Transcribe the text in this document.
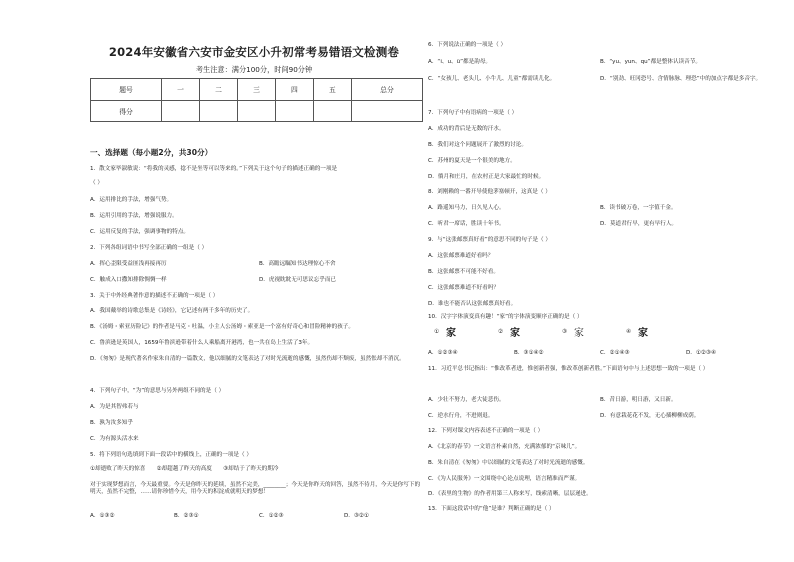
2024年安徽省六安市金安区小升初常考易错语文检测卷
考生注意：满分100分，时间90分钟
题号	一	二	三	四	五	总分
得分						
一、选择题（每小题2分，共30分）
1．散文家毕淑敏说：“将我的灵感，捻不是坐等可以等来的。”下列关于这个句子的描述正确的一项是
（ ）
A．运用排比的手法，增强气势。
B．运用引用的手法，增强说服力。
C．运用反复的手法，强调事物的特点。
2．下列各组词语中书写全部正确的一组是（ ）
A．挥心歪限受益匪浅再接再厉	B．高瞻远瞩知书达理惊心不舍
C．触成入口撒知排除惆惆一样	D．虎视眈眈无可思议忘乎而已
3．关于中外经典著作意的描述不正确的一项是（ ）
A．我国戴举的诗歌总集是《诗经》，它记述有两千多年的历史了。
B．《汤姆・索亚历险记》的作者是马克・吐温，小主人公汤姆・索亚是一个富有好奇心和冒险精神的孩子。
C．鲁滨逊是英国人，1659年鲁滨逊带着什么人乘船离开港湾，也一共在岛上生活了3年。
D．《匆匆》是现代著名作家朱自清的一篇散文，他以细腻的文笔表达了对时光流逝的感慨，虽然伤却不颓废，虽然怅却不消沉。
4．下列句子中，“为”的意思与另外两组不同的是（ ）
A．为是其智弗若与
B．孰为汝多知乎
C．为有源头活水来
5．将下列语句选填到下面一段话中的横线上，正确的一项是（ ）
①却逝败了昨天的惊喜　　②却超越了昨天的高度　　③却结于了昨天的期冷
对于实现梦想而言，今天最重要。今天是你昨天的延续，虽然不完美，________；今天是你昨天的回答，虽然不待月，今天是你写下的明天，虽然不完整，……请你珍惜今天，用今天的积淀成就明天的梦想！
A．①③②	B．②③①	C．①②③	D．③②①
6．下列说法正确的一项是（ ）
A．“i、u、ü”都是韵母。	B．“yu、yun、qu”都是整体认读音节。
C．“女孩儿、老头儿、小牛儿、儿童”都需读儿化。	D．“别劲、旺冈恐号、含情脉脉、理恐”中的加点字都是多音字。
7．下列句子中有语病的一项是（ ）
A．成功的背后是无数的汗水。
B．我们对这个问题展开了激烈的讨论。
C．苏州的夏天是一个很美的地方。
D．徜月和庄月，在农村正是大家最忙的时候。
8．刘刚赖的一番开导使他茅塞顿开，这真是（ ）
A．路遥知马力，日久见人心。	B．读书破万卷，一字值千金。
C．听君一席话，胜读十年书。	D．莫道君行早，更有早行人。
9．与“这张邮票真好看”的意思不同的句子是（ ）
A．这张邮票难道好看吗？
B．这张邮票不可能不好看。
C．这张邮票难道不好看吗？
D．谁也不能否认这张邮票真好看。
10．汉字字体演变真有趣！“家”的字体演变顺序正确的是（ ）
① 家	② 家	③ 家	④ 家
A．①②③④	B．③①④②	C．②①④③	D．①②③④
11．习近平总书记指出：“惟改革者进，惟创新者强，惟改革创新者胜。”下面语句中与上述思想一致的一项是（ ）
A．少壮不努力，老大徒悲伤。	B．昔日游，明日游，又日新。
C．逆水行舟，不进则退。	D．有意栽花花不发，无心插柳柳成荫。
12．下列对课文内容表述不正确的一项是（ ）
A．《北京的春节》一文语言朴素自然，充满浓郁的“京味儿”。
B．朱自清在《匆匆》中以细腻的文笔表达了对时光流逝的感慨。
C．《为人民服务》一文围绕中心论点说理，语言精准而严谨。
D．《表里的生物》的作者用第三人称来写，线索清晰，层层递进。
13．下面这段话中的“他”是谁？判断正确的是（ ）
